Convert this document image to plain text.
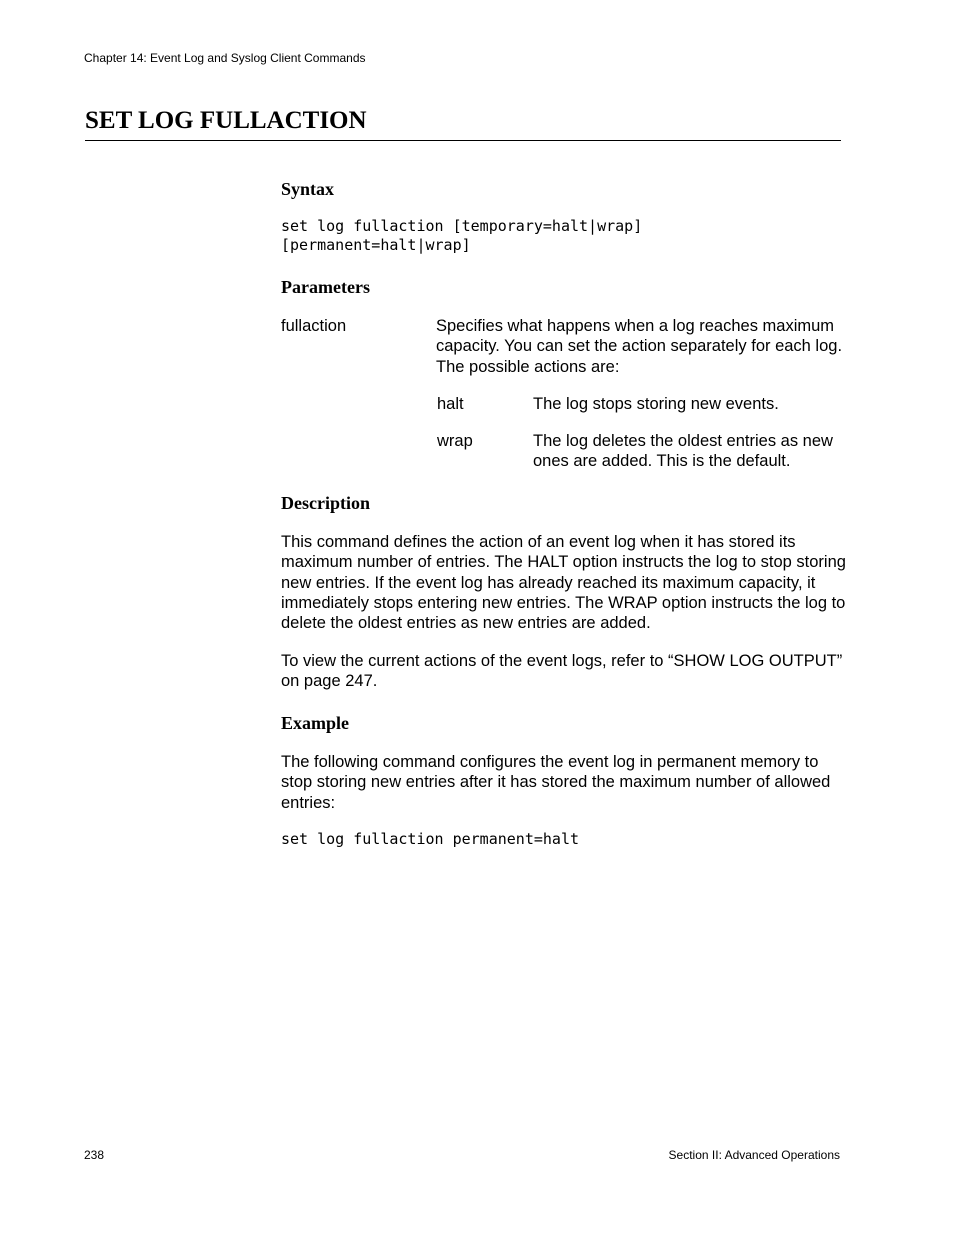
Chapter 14: Event Log and Syslog Client Commands
SET LOG FULLACTION
Syntax
set log fullaction [temporary=halt|wrap]
[permanent=halt|wrap]
Parameters
fullaction	Specifies what happens when a log reaches maximum capacity. You can set the action separately for each log. The possible actions are:
halt	The log stops storing new events.
wrap	The log deletes the oldest entries as new ones are added. This is the default.
Description
This command defines the action of an event log when it has stored its maximum number of entries. The HALT option instructs the log to stop storing new entries. If the event log has already reached its maximum capacity, it immediately stops entering new entries. The WRAP option instructs the log to delete the oldest entries as new entries are added.
To view the current actions of the event logs, refer to “SHOW LOG OUTPUT” on page 247.
Example
The following command configures the event log in permanent memory to stop storing new entries after it has stored the maximum number of allowed entries:
set log fullaction permanent=halt
238	Section II: Advanced Operations
